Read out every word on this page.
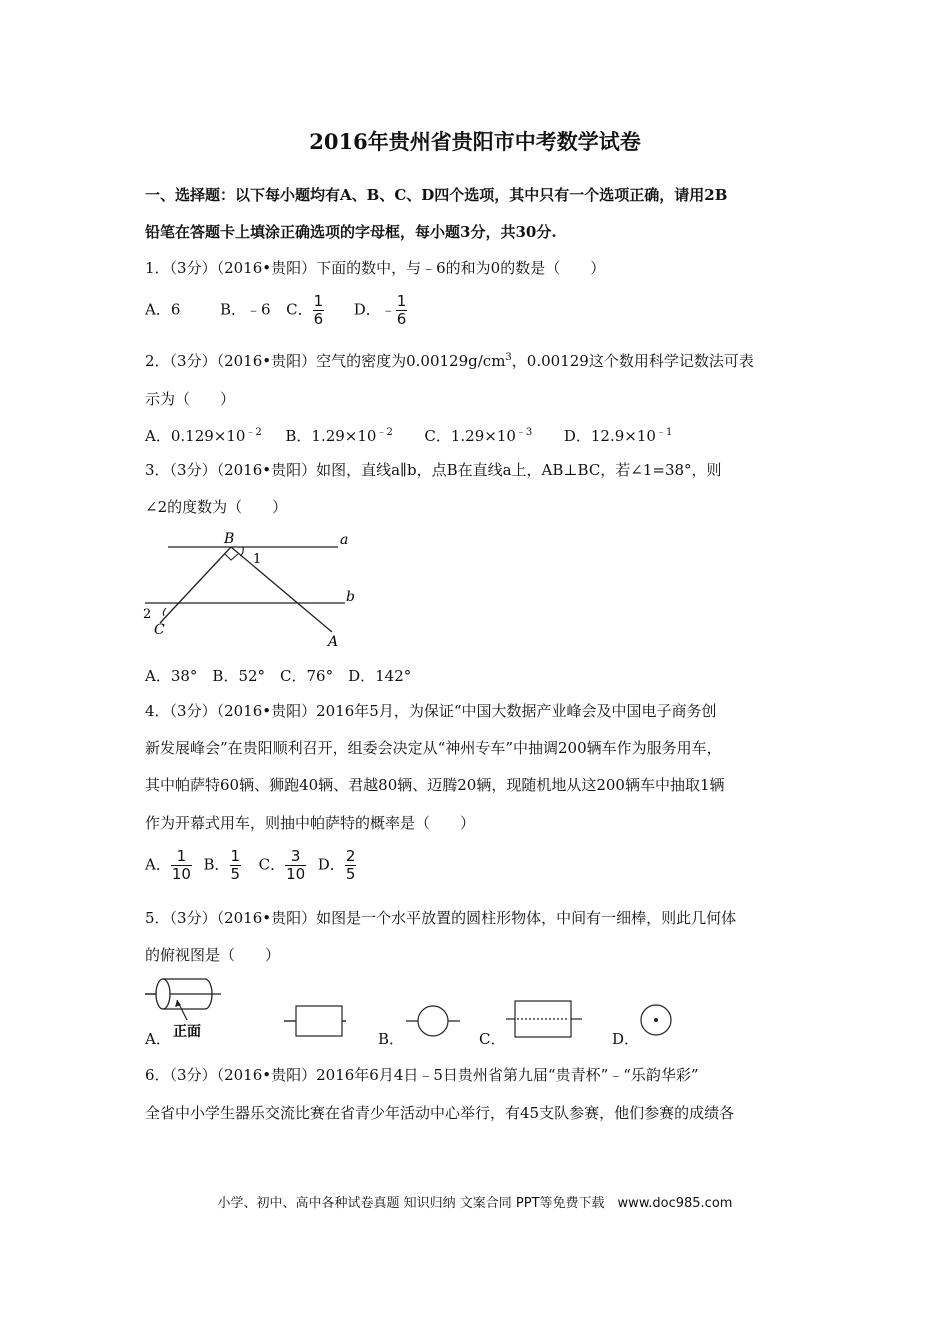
2016年贵州省贵阳市中考数学试卷
一、选择题：以下每小题均有A、B、C、D四个选项，其中只有一个选项正确，请用2B
铅笔在答题卡上填涂正确选项的字母框，每小题3分，共30分.
1．（3分）（2016•贵阳）下面的数中，与﹣6的和为0的数是（　　）
A．6	B．﹣6 C． $\frac{1}{6}$ D．﹣ $\frac{1}{6}$
2．（3分）（2016•贵阳）空气的密度为$0.00129g/cm^3$，0.00129这个数用科学记数法可表
示为（　　）
A．$0.129\times 10^{﹣2}$ B．$1.29\times 10^{﹣2}$ C．$1.29\times 10^{﹣3}$ D．$12.9\times 10^{﹣1}$
3．（3分）（2016•贵阳）如图，直线a∥b，点B在直线a上，AB⊥BC，若∠1=38°，则
∠2的度数为（　　）
B	a
1
b
2
C
A
A．38°　B．52°　C．76°　D．142°
4．（3分）（2016•贵阳）2016年5月，为保证“中国大数据产业峰会及中国电子商务创
新发展峰会”在贵阳顺利召开，组委会决定从“神州专车”中抽调200辆车作为服务用车，
其中帕萨特60辆、狮跑40辆、君越80辆、迈腾20辆，现随机地从这200辆车中抽取1辆
作为开幕式用车，则抽中帕萨特的概率是（　　）
A． $\frac{1}{10}$ B． $\frac{1}{5}$ C． $\frac{3}{10}$ D． $\frac{2}{5}$
5．（3分）（2016•贵阳）如图是一个水平放置的圆柱形物体，中间有一细棒，则此几何体
的俯视图是（　　）
正面
A．	B．	C．	D．
6．（3分）（2016•贵阳）2016年6月4日﹣5日贵州省第九届“贵青杯”﹣“乐韵华彩”
全省中小学生器乐交流比赛在省青少年活动中心举行，有45支队参赛，他们参赛的成绩各
小学、初中、高中各种试卷真题 知识归纳 文案合同 PPT等免费下载　www.doc985.com
